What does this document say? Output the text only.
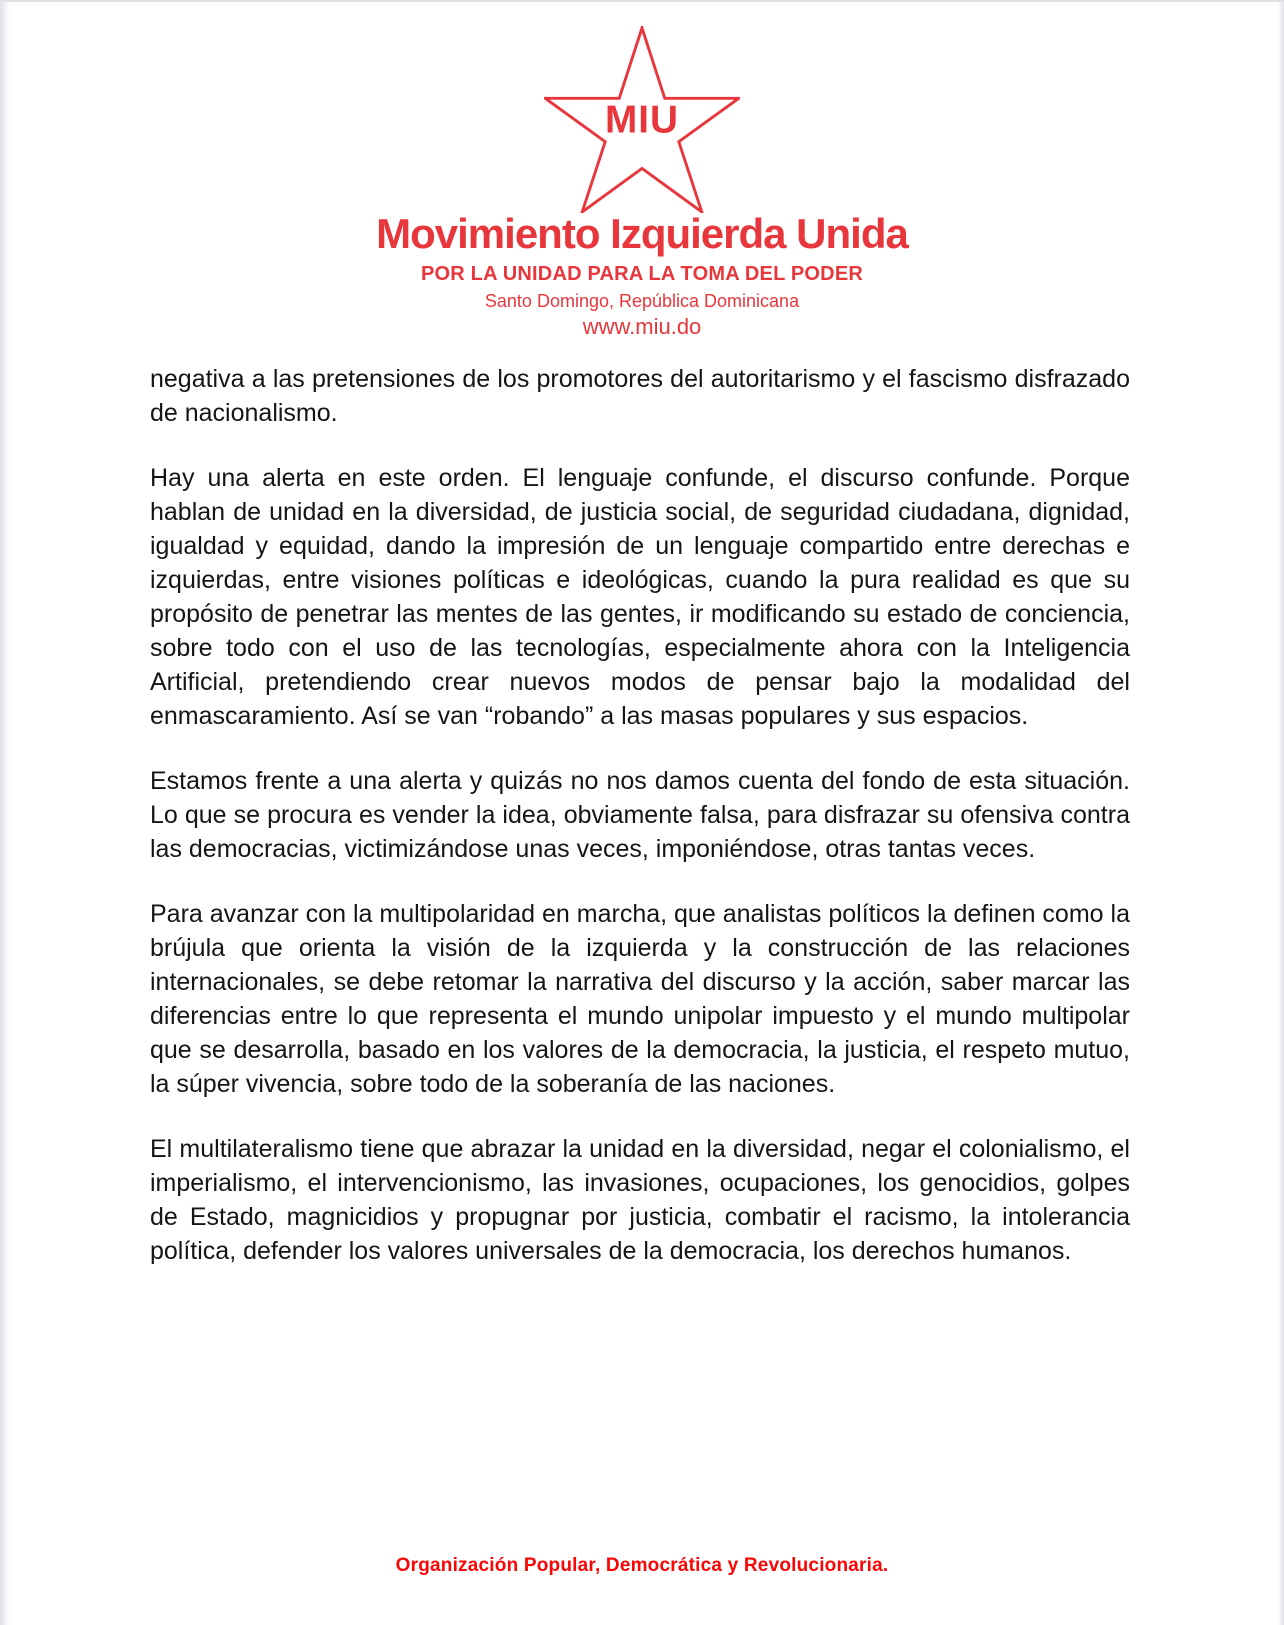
MIU
Movimiento Izquierda Unida
POR LA UNIDAD PARA LA TOMA DEL PODER
Santo Domingo, República Dominicana
www.miu.do

negativa a las pretensiones de los promotores del autoritarismo y el fascismo disfrazado de nacionalismo.

Hay una alerta en este orden. El lenguaje confunde, el discurso confunde. Porque hablan de unidad en la diversidad, de justicia social, de seguridad ciudadana, dignidad, igualdad y equidad, dando la impresión de un lenguaje compartido entre derechas e izquierdas, entre visiones políticas e ideológicas, cuando la pura realidad es que su propósito de penetrar las mentes de las gentes, ir modificando su estado de conciencia, sobre todo con el uso de las tecnologías, especialmente ahora con la Inteligencia Artificial, pretendiendo crear nuevos modos de pensar bajo la modalidad del enmascaramiento. Así se van “robando” a las masas populares y sus espacios.

Estamos frente a una alerta y quizás no nos damos cuenta del fondo de esta situación. Lo que se procura es vender la idea, obviamente falsa, para disfrazar su ofensiva contra las democracias, victimizándose unas veces, imponiéndose, otras tantas veces.

Para avanzar con la multipolaridad en marcha, que analistas políticos la definen como la brújula que orienta la visión de la izquierda y la construcción de las relaciones internacionales, se debe retomar la narrativa del discurso y la acción, saber marcar las diferencias entre lo que representa el mundo unipolar impuesto y el mundo multipolar que se desarrolla, basado en los valores de la democracia, la justicia, el respeto mutuo, la súper vivencia, sobre todo de la soberanía de las naciones.

El multilateralismo tiene que abrazar la unidad en la diversidad, negar el colonialismo, el imperialismo, el intervencionismo, las invasiones, ocupaciones, los genocidios, golpes de Estado, magnicidios y propugnar por justicia, combatir el racismo, la intolerancia política, defender los valores universales de la democracia, los derechos humanos.

Organización Popular, Democrática y Revolucionaria.
